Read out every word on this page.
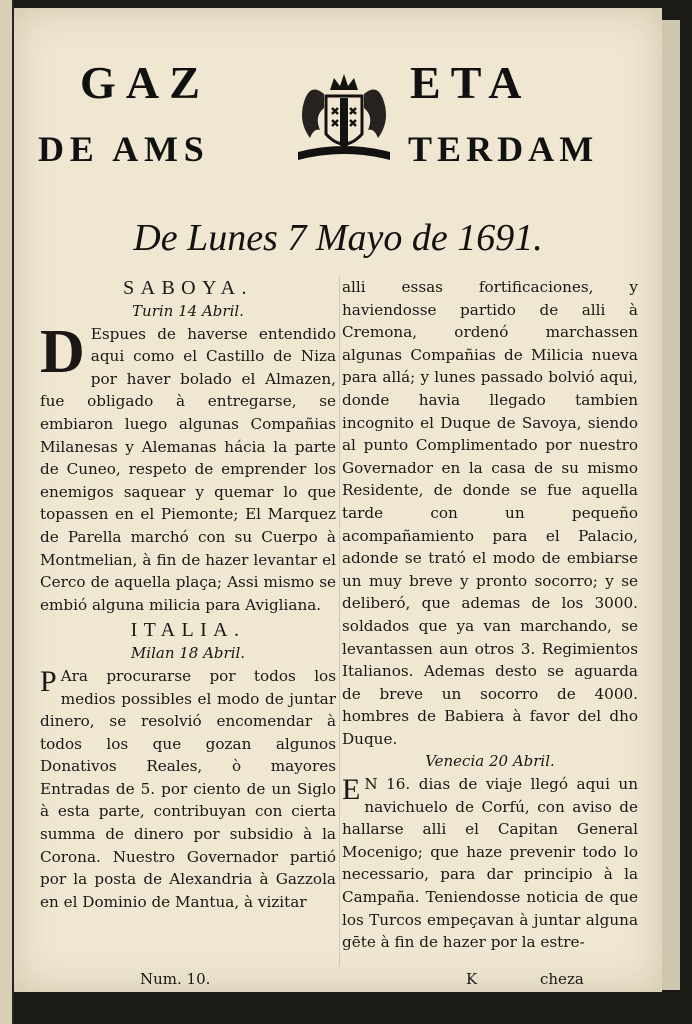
GAZ	ETA
DE AMS	TERDAM
De Lunes 7 Mayo de 1691.

SABOYA.

Turin 14 Abril.

D Espues de haverse entendido aqui como el Castillo de Niza por haver bolado el Almazen, fue obligado à entregarse, se embiaron luego algunas Compañias Milanesas y Alemanas hácia la parte de Cuneo, respeto de emprender los enemigos saquear y quemar lo que topassen en el Piemonte; El Marquez de Parella marchó con su Cuerpo à Montmelian, à fin de hazer levantar el Cerco de aquella plaça; Assi mismo se embió alguna milicia para Avigliana.

ITALIA.

Milan 18 Abril.

P Ara procurarse por todos los medios possibles el modo de juntar dinero, se resolvió encomendar à todos los que gozan algunos Donativos Reales, ò mayores Entradas de 5. por ciento de un Siglo à esta parte, contribuyan con cierta summa de dinero por subsidio à la Corona. Nuestro Governador partió por la posta de Alexandria à Gazzola en el Dominio de Mantua, à vizitar

alli essas fortificaciones, y haviendosse partido de alli à Cremona, ordenó marchassen algunas Compañias de Milicia nueva para allá; y lunes passado bolvió aqui, donde havia llegado tambien incognito el Duque de Savoya, siendo al punto Complimentado por nuestro Governador en la casa de su mismo Residente, de donde se fue aquella tarde con un pequeño acompañamiento para el Palacio, adonde se trató el modo de embiarse un muy breve y pronto socorro; y se deliberó, que ademas de los 3000. soldados que ya van marchando, se levantassen aun otros 3. Regimientos Italianos. Ademas desto se aguarda de breve un socorro de 4000. hombres de Babiera à favor del dho Duque.

Venecia 20 Abril.

E N 16. dias de viaje llegó aqui un navichuelo de Corfú, con aviso de hallarse alli el Capitan General Mocenigo; que haze prevenir todo lo necessario, para dar principio à la Campaña. Teniendosse noticia de que los Turcos empeçavan à juntar alguna gēte à fin de hazer por la estre-

Num. 10.	K	cheza
